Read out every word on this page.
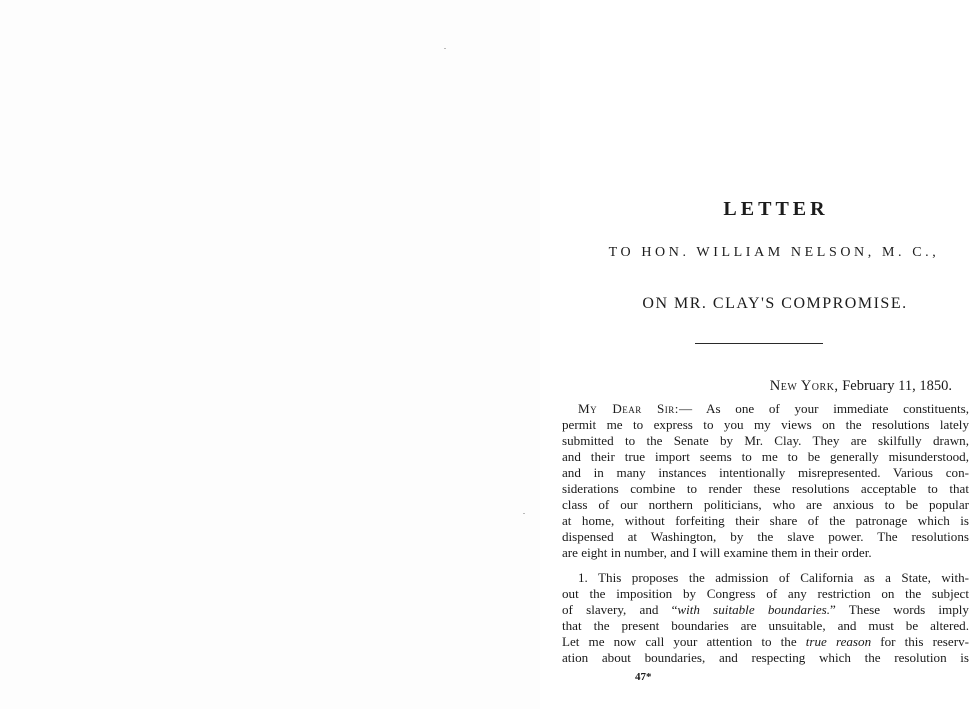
LETTER
TO HON. WILLIAM NELSON, M. C.,
ON MR. CLAY'S COMPROMISE.
New York, February 11, 1850.
My Dear Sir:— As one of your immediate constituents,
permit me to express to you my views on the resolutions lately
submitted to the Senate by Mr. Clay. They are skilfully drawn,
and their true import seems to me to be generally misunderstood,
and in many instances intentionally misrepresented. Various con-
siderations combine to render these resolutions acceptable to that
class of our northern politicians, who are anxious to be popular
at home, without forfeiting their share of the patronage which is
dispensed at Washington, by the slave power. The resolutions
are eight in number, and I will examine them in their order.
1. This proposes the admission of California as a State, with-
out the imposition by Congress of any restriction on the subject
of slavery, and “with suitable boundaries.” These words imply
that the present boundaries are unsuitable, and must be altered.
Let me now call your attention to the true reason for this reserv-
ation about boundaries, and respecting which the resolution is
47*
